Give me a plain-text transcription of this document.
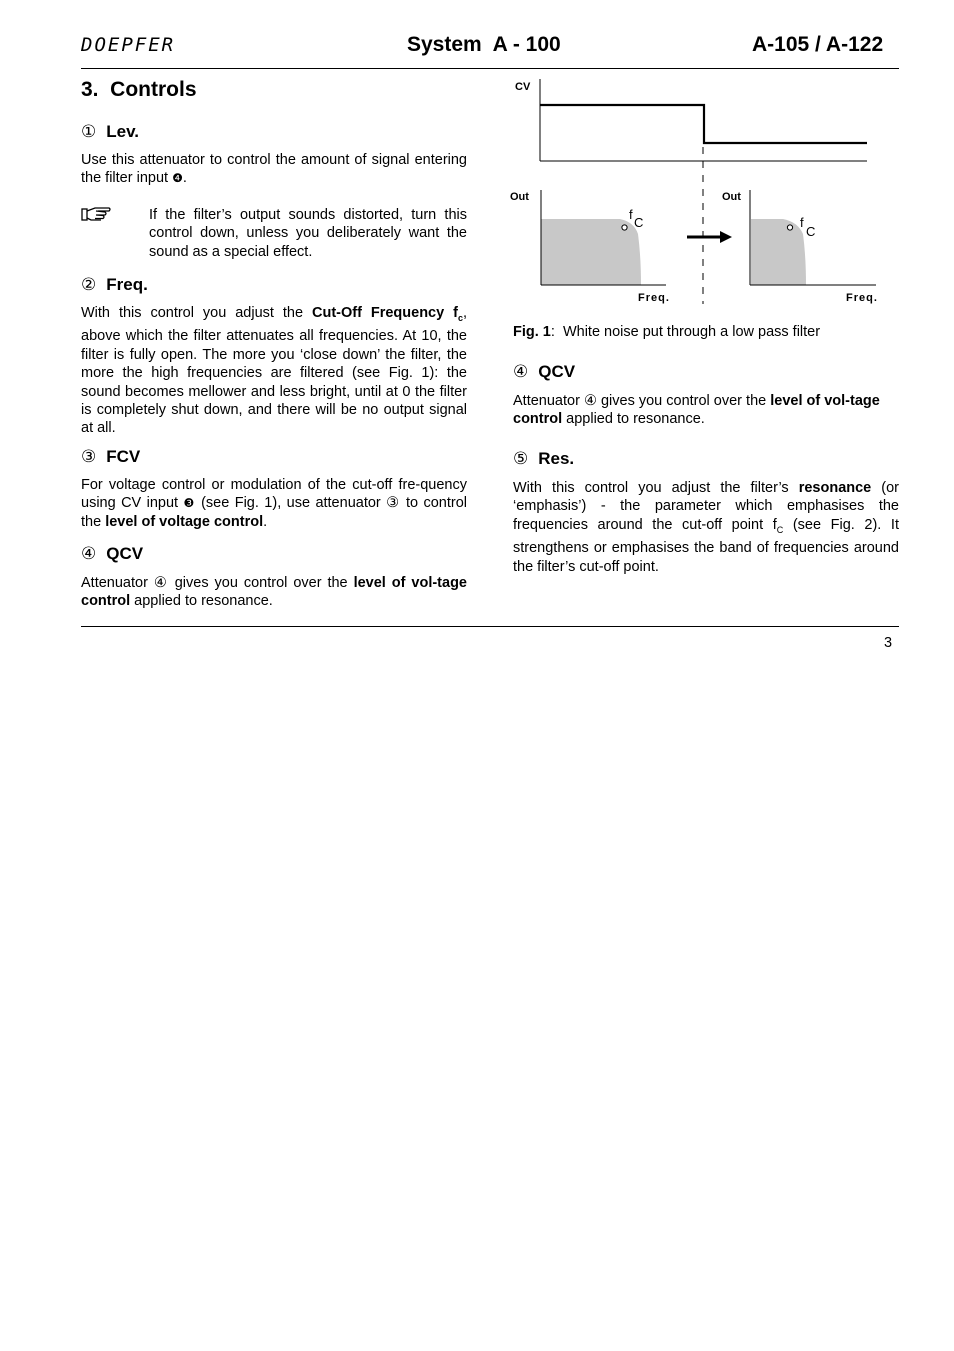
DOEPFER	System  A - 100	A-105 / A-122
3.  Controls
① Lev.
Use this attenuator to control the amount of signal entering the filter input ❹.
If the filter’s output sounds distorted, turn this control down, unless you deliberately want the sound as a special effect.
② Freq.
With this control you adjust the Cut-Off Frequency $f_c$, above which the filter attenuates all frequencies. At 10, the filter is fully open. The more you ‘close down’ the filter, the more the high frequencies are filtered (see Fig. 1): the sound becomes mellower and less bright, until at 0 the filter is completely shut down, and there will be no output signal at all.
③ FCV
For voltage control or modulation of the cut-off fre-quency using CV input ❸ (see Fig. 1), use attenuator ③ to control the level of voltage control.
④ QCV
Attenuator ④ gives you control over the level of vol-tage control applied to resonance.
CV
Out
f
C
Freq.
Out
f
C
Freq.
Fig. 1:  White noise put through a low pass filter
④ QCV
Attenuator ④ gives you control over the level of vol-tage control applied to resonance.
⑤ Res.
With this control you adjust the filter’s resonance (or ‘emphasis’) - the parameter which emphasises the frequencies around the cut-off point $f_C$ (see Fig. 2). It strengthens or emphasises the band of frequencies around the filter’s cut-off point.
3
